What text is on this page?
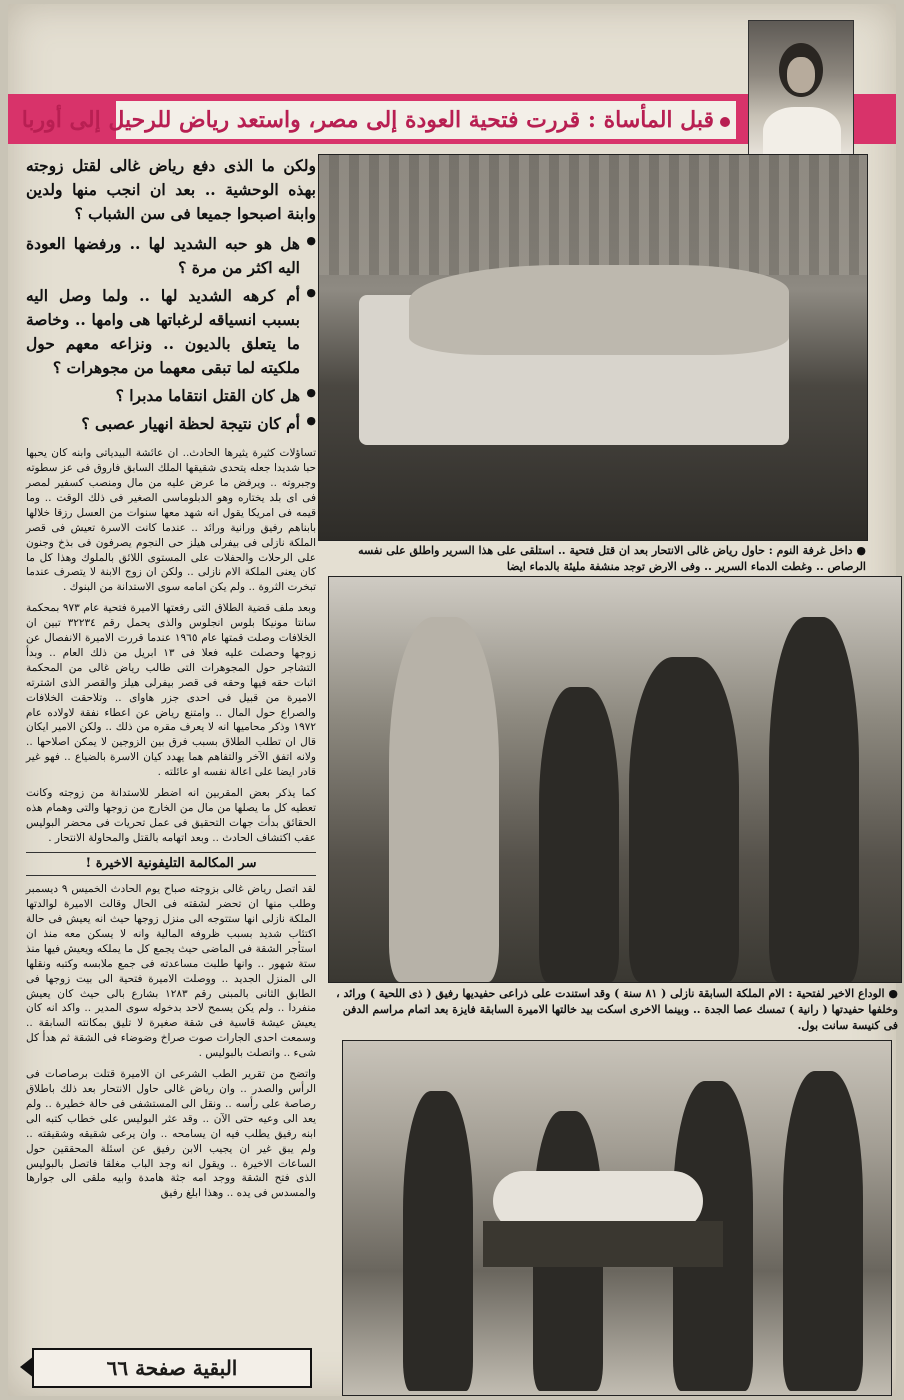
قبل المأساة : قررت فتحية العودة إلى مصر، واستعد رياض للرحيل إلى أوربا

ولكن ما الذى دفع رياض غالى لقتل زوجته بهذه الوحشية .. بعد ان انجب منها ولدين وابنة اصبحوا جميعا فى سن الشباب ؟

● هل هو حبه الشديد لها .. ورفضها العودة اليه اكثر من مرة ؟
● أم كرهه الشديد لها .. ولما وصل اليه بسبب انسياقه لرغباتها هى وامها .. وخاصة ما يتعلق بالديون .. ونزاعه معهم حول ملكيته لما تبقى معهما من مجوهرات ؟
● هل كان القتل انتقاما مدبرا ؟
● أم كان نتيجة لحظة انهيار عصبى ؟

تساؤلات كثيرة يثيرها الحادث.. ان عائشة البيدياتى وابنه كان يحبها حبا شديدا جعله يتحدى شقيقها الملك السابق فاروق فى عز سطوته وجبروته .. ويرفض ما عرض عليه من مال ومنصب كسفير لمصر فى اى بلد يختاره وهو الدبلوماسى الصغير فى ذلك الوقت .. وما قيمه فى امريكا يقول انه شهد معها سنوات من العسل رزقا خلالها بابناهم رفيق ورانية ورائد .. عندما كانت الاسرة تعيش فى قصر الملكة نازلى فى بيفرلى هيلز حى النجوم يصرفون فى بذخ وجنون على الرحلات والحفلات على المستوى اللائق بالملوك وهذا كل ما كان يعنى الملكة الام نازلى .. ولكن ان زوج الابنة لا يتصرف عندما تبخرت الثروة .. ولم يكن امامه سوى الاستدانة من البنوك .

وبعد ملف قضية الطلاق التى رفعتها الاميرة فتحية عام ٩٧٣ بمحكمة سانتا مونيكا بلوس انجلوس والذى يحمل رقم ٣٢٢٣٤ تبين ان الخلافات وصلت قمتها عام ١٩٦٥ عندما قررت الاميرة الانفصال عن زوجها وحصلت عليه فعلا فى ١٣ ابريل من ذلك العام .. وبدأ التشاجر حول المجوهرات التى طالب رياض غالى من المحكمة اثبات حقه فيها وحقه فى قصر بيفرلى هيلز والقصر الذى اشترته الاميرة من قبيل فى احدى جزر هاواى .. وتلاحقت الخلافات والصراع حول المال .. وامتنع رياض عن اعطاء نفقة لاولاده عام ١٩٧٢ وذكر محاميها انه لا يعرف مقره من ذلك .. ولكن الامير ايكان قال ان تطلب الطلاق بسبب فرق بين الزوجين لا يمكن اصلاحها .. ولانه اتفق الآخر والتفاهم هما يهدد كيان الاسرة بالضياع .. فهو غير قادر ايضا على اعالة نفسه او عائلته .

كما يذكر بعض المقربين انه اضطر للاستدانة من زوجته وكانت تعطيه كل ما يصلها من مال من الخارج من زوجها والتى وهمام هذه الحقائق بدأت جهات التحقيق فى عمل تحريات فى محضر البوليس عقب اكتشاف الحادث .. وبعد اتهامه بالقتل والمحاولة الانتحار .

سر المكالمة التليفونية الاخيرة !

لقد اتصل رياض غالى بزوجته صباح يوم الحادث الخميس ٩ ديسمبر وطلب منها ان تحضر لشقته فى الحال وقالت الاميرة لوالدتها الملكة نازلى انها ستتوجه الى منزل زوجها حيث انه يعيش فى حالة اكتئاب شديد بسبب ظروفه المالية وانه لا يسكن معه منذ ان استأجر الشقة فى الماضى حيث يجمع كل ما يملكه ويعيش فيها منذ ستة شهور .. وانها طلبت مساعدته فى جمع ملابسه وكتبه ونقلها الى المنزل الجديد .. ووصلت الاميرة فتحية الى بيت زوجها فى الطابق الثانى بالمبنى رقم ١٢٨٣ بشارع بالى حيث كان يعيش منفردا .. ولم يكن يسمح لاحد بدخوله سوى المدير .. واكد انه كان يعيش عيشة قاسية فى شقة صغيرة لا تليق بمكانته السابقة .. وسمعت احدى الجارات صوت صراخ وضوضاء فى الشقة ثم هدأ كل شىء .. واتصلت بالبوليس .

واتضح من تقرير الطب الشرعى ان الاميرة قتلت برصاصات فى الرأس والصدر .. وان رياض غالى حاول الانتحار بعد ذلك باطلاق رصاصة على رأسه .. ونقل الى المستشفى فى حالة خطيرة .. ولم يعد الى وعيه حتى الآن .. وقد عثر البوليس على خطاب كتبه الى ابنه رفيق يطلب فيه ان يسامحه .. وان يرعى شقيقه وشقيقته .. ولم يبق غير ان يجيب الابن رفيق عن اسئلة المحققين حول الساعات الاخيرة .. ويقول انه وجد الباب مغلقا فاتصل بالبوليس الذى فتح الشقة ووجد امه جثة هامدة وابيه ملقى الى جوارها والمسدس فى يده .. وهذا ابلغ رفيق

البقية صفحة ٦٦
● داخل غرفة النوم : حاول رياض غالى الانتحار بعد ان قتل فتحية .. استلقى على هذا السرير واطلق على نفسه الرصاص .. وغطت الدماء السرير .. وفى الارض توجد منشفة مليئة بالدماء ايضا
● الوداع الاخير لفتحية : الام الملكة السابقة نازلى ( ٨١ سنة ) وقد استندت على ذراعى حفيديها رفيق ( ذى اللحية ) ورائد ، وخلفها حفيدتها ( رانية ) تمسك عصا الجدة .. وبينما الاخرى اسكت بيد خالتها الاميرة السابقة فايزة بعد اتمام مراسم الدفن فى كنيسة سانت بول.
